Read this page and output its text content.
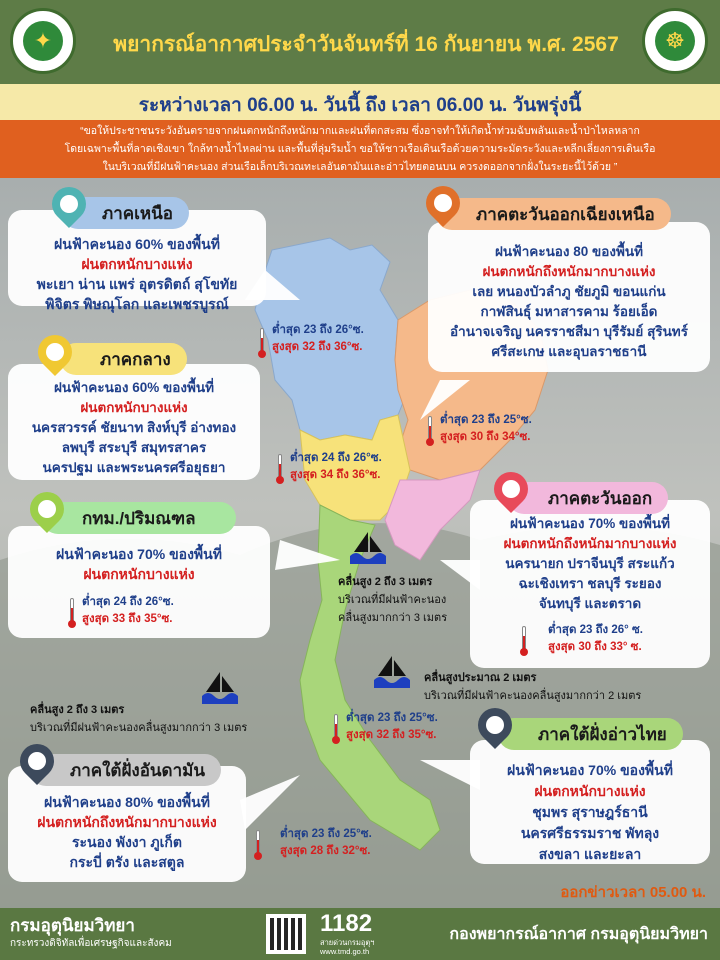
✦	พยากรณ์อากาศประจำวันจันทร์ที่ 16 กันยายน พ.ศ. 2567	☸
ระหว่างเวลา 06.00 น. วันนี้ ถึง เวลา 06.00 น. วันพรุ่งนี้
“ขอให้ประชาชนระวังอันตรายจากฝนตกหนักถึงหนักมากและฝนที่ตกสะสม ซึ่งอาจทำให้เกิดน้ำท่วมฉับพลันและน้ำป่าไหลหลาก
โดยเฉพาะพื้นที่ลาดเชิงเขา ใกล้ทางน้ำไหลผ่าน และพื้นที่ลุ่มริมน้ำ ขอให้ชาวเรือเดินเรือด้วยความระมัดระวังและหลีกเลี่ยงการเดินเรือ
ในบริเวณที่มีฝนฟ้าคะนอง ส่วนเรือเล็กบริเวณทะเลอันดามันและอ่าวไทยตอนบน ควรงดออกจากฝั่งในระยะนี้ไว้ด้วย ”
ฝนฟ้าคะนอง 60% ของพื้นที่
ฝนตกหนักบางแห่ง
พะเยา น่าน แพร่ อุตรดิตถ์ สุโขทัย
พิจิตร พิษณุโลก และเพชรบูรณ์
ภาคเหนือ
ต่ำสุด 23 ถึง 26°ซ.
สูงสุด 32 ถึง 36°ซ.
ฝนฟ้าคะนอง 80 ของพื้นที่
ฝนตกหนักถึงหนักมากบางแห่ง
เลย หนองบัวลำภู ชัยภูมิ ขอนแก่น
กาฬสินธุ์ มหาสารคาม ร้อยเอ็ด
อำนาจเจริญ นครราชสีมา บุรีรัมย์ สุรินทร์
ศรีสะเกษ และอุบลราชธานี
ภาคตะวันออกเฉียงเหนือ
ต่ำสุด 23 ถึง 25°ซ.
สูงสุด 30 ถึง 34°ซ.
ฝนฟ้าคะนอง 60% ของพื้นที่
ฝนตกหนักบางแห่ง
นครสวรรค์ ชัยนาท สิงห์บุรี อ่างทอง
ลพบุรี สระบุรี สมุทรสาคร
นครปฐม และพระนครศรีอยุธยา
ภาคกลาง
ต่ำสุด 24 ถึง 26°ซ.
สูงสุด 34 ถึง 36°ซ.
ฝนฟ้าคะนอง 70% ของพื้นที่
ฝนตกหนักบางแห่ง
กทม./ปริมณฑล
ต่ำสุด 24 ถึง 26°ซ.
สูงสุด 33 ถึง 35°ซ.
ฝนฟ้าคะนอง 70% ของพื้นที่
ฝนตกหนักถึงหนักมากบางแห่ง
นครนายก ปราจีนบุรี สระแก้ว
ฉะเชิงเทรา ชลบุรี ระยอง
จันทบุรี และตราด
ภาคตะวันออก
ต่ำสุด 23 ถึง 26° ซ.
สูงสุด 30 ถึง 33° ซ.
ฝนฟ้าคะนอง 70% ของพื้นที่
ฝนตกหนักบางแห่ง
ชุมพร สุราษฎร์ธานี
นครศรีธรรมราช พัทลุง
สงขลา และยะลา
ภาคใต้ฝั่งอ่าวไทย
ต่ำสุด 23 ถึง 25°ซ.
สูงสุด 32 ถึง 35°ซ.
ฝนฟ้าคะนอง 80% ของพื้นที่
ฝนตกหนักถึงหนักมากบางแห่ง
ระนอง พังงา ภูเก็ต
กระบี่ ตรัง และสตูล
ภาคใต้ฝั่งอันดามัน
ต่ำสุด 23 ถึง 25°ซ.
สูงสุด 28 ถึง 32°ซ.
คลื่นสูง 2 ถึง 3 เมตร
บริเวณที่มีฝนฟ้าคะนอง
คลื่นสูงมากกว่า 3 เมตร
คลื่นสูงประมาณ 2 เมตร
บริเวณที่มีฝนฟ้าคะนองคลื่นสูงมากกว่า 2 เมตร
คลื่นสูง 2 ถึง 3 เมตร
บริเวณที่มีฝนฟ้าคะนองคลื่นสูงมากกว่า 3 เมตร
ออกข่าวเวลา 05.00 น.
กรมอุตุนิยมวิทยา
กระทรวงดิจิทัลเพื่อเศรษฐกิจและสังคม
1182
สายด่วนกรมอุตุฯ
www.tmd.go.th
กองพยากรณ์อากาศ กรมอุตุนิยมวิทยา
